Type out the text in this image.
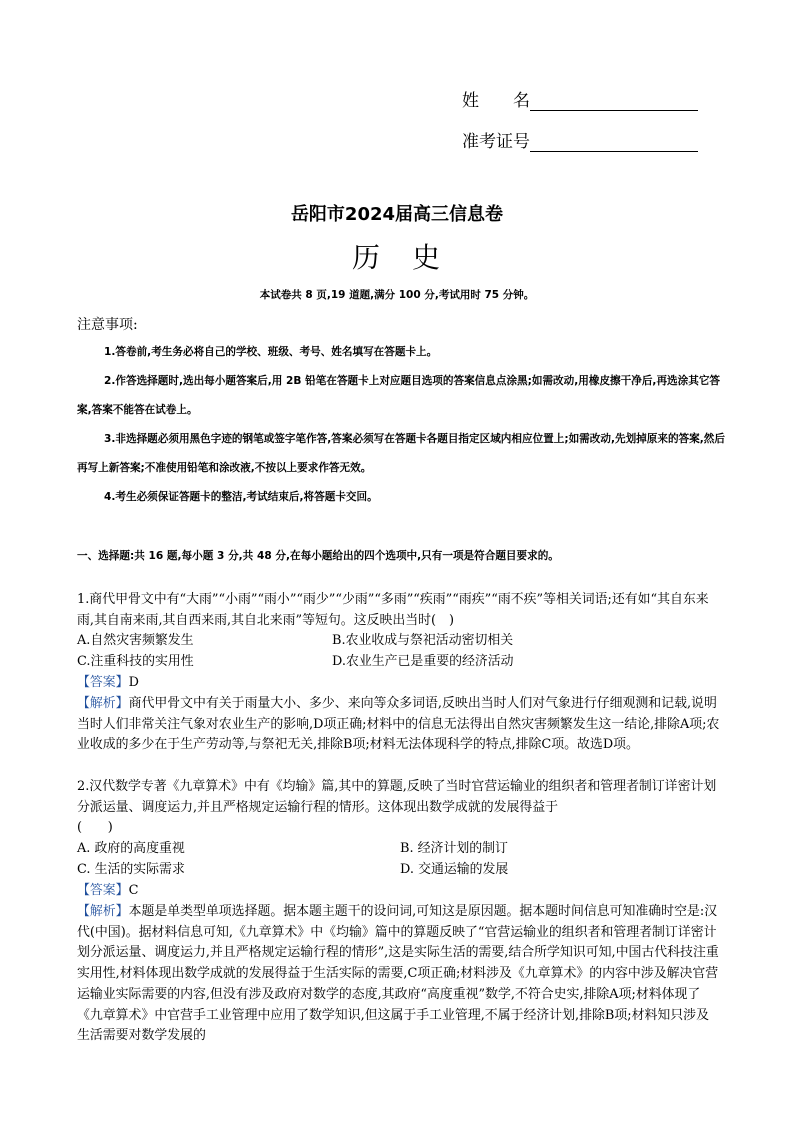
姓　　名
准考证号
岳阳市2024届高三信息卷
历　史
本试卷共 8 页,19 道题,满分 100 分,考试用时 75 分钟。
注意事项:
1.答卷前,考生务必将自己的学校、班级、考号、姓名填写在答题卡上。
2.作答选择题时,选出每小题答案后,用 2B 铅笔在答题卡上对应题目选项的答案信息点涂黑;如需改动,用橡皮擦干净后,再选涂其它答案,答案不能答在试卷上。
3.非选择题必须用黑色字迹的钢笔或签字笔作答,答案必须写在答题卡各题目指定区域内相应位置上;如需改动,先划掉原来的答案,然后再写上新答案;不准使用铅笔和涂改液,不按以上要求作答无效。
4.考生必须保证答题卡的整洁,考试结束后,将答题卡交回。
一、选择题:共 16 题,每小题 3 分,共 48 分,在每小题给出的四个选项中,只有一项是符合题目要求的。
1.商代甲骨文中有“大雨”“小雨”“雨小”“雨少”“少雨”“多雨”“疾雨”“雨疾”“雨不疾”等相关词语;还有如“其自东来雨,其自南来雨,其自西来雨,其自北来雨”等短句。这反映出当时(　)
A.自然灾害频繁发生	B.农业收成与祭祀活动密切相关
C.注重科技的实用性	D.农业生产已是重要的经济活动
【答案】D
【解析】商代甲骨文中有关于雨量大小、多少、来向等众多词语,反映出当时人们对气象进行仔细观测和记载,说明当时人们非常关注气象对农业生产的影响,D项正确;材料中的信息无法得出自然灾害频繁发生这一结论,排除A项;农业收成的多少在于生产劳动等,与祭祀无关,排除B项;材料无法体现科学的特点,排除C项。故选D项。
2.汉代数学专著《九章算术》中有《均输》篇,其中的算题,反映了当时官营运输业的组织者和管理者制订详密计划分派运量、调度运力,并且严格规定运输行程的情形。这体现出数学成就的发展得益于
(　　)
A. 政府的高度重视	B. 经济计划的制订
C. 生活的实际需求	D. 交通运输的发展
【答案】C
【解析】本题是单类型单项选择题。据本题主题干的设问词,可知这是原因题。据本题时间信息可知准确时空是:汉代(中国)。据材料信息可知,《九章算术》中《均输》篇中的算题反映了“官营运输业的组织者和管理者制订详密计划分派运量、调度运力,并且严格规定运输行程的情形”,这是实际生活的需要,结合所学知识可知,中国古代科技注重实用性,材料体现出数学成就的发展得益于生活实际的需要,C项正确;材料涉及《九章算术》的内容中涉及解决官营运输业实际需要的内容,但没有涉及政府对数学的态度,其政府“高度重视”数学,不符合史实,排除A项;材料体现了《九章算术》中官营手工业管理中应用了数学知识,但这属于手工业管理,不属于经济计划,排除B项;材料知只涉及生活需要对数学发展的
